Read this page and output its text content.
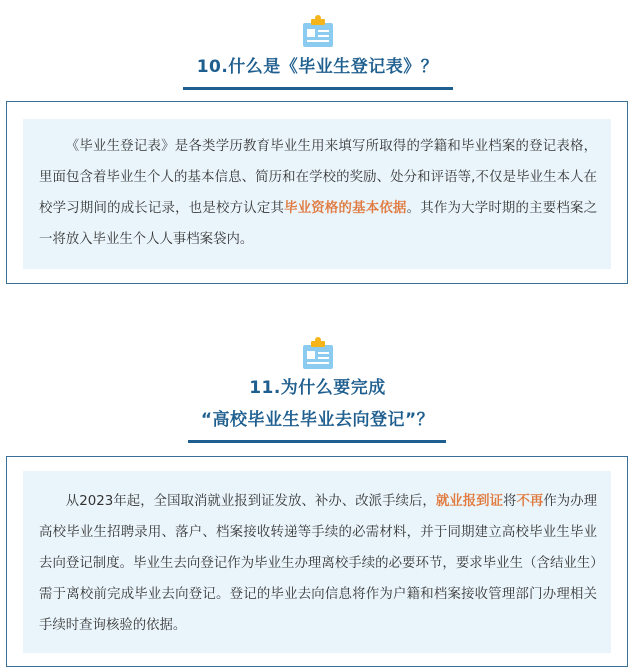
10.什么是《毕业生登记表》？
《毕业生登记表》是各类学历教育毕业生用来填写所取得的学籍和毕业档案的登记表格，里面包含着毕业生个人的基本信息、简历和在学校的奖励、处分和评语等,不仅是毕业生本人在校学习期间的成长记录，也是校方认定其毕业资格的基本依据。其作为大学时期的主要档案之一将放入毕业生个人人事档案袋内。
11.为什么要完成
“高校毕业生毕业去向登记”？
从2023年起，全国取消就业报到证发放、补办、改派手续后，就业报到证将不再作为办理高校毕业生招聘录用、落户、档案接收转递等手续的必需材料，并于同期建立高校毕业生毕业去向登记制度。毕业生去向登记作为毕业生办理离校手续的必要环节，要求毕业生（含结业生）需于离校前完成毕业去向登记。登记的毕业去向信息将作为户籍和档案接收管理部门办理相关手续时查询核验的依据。
